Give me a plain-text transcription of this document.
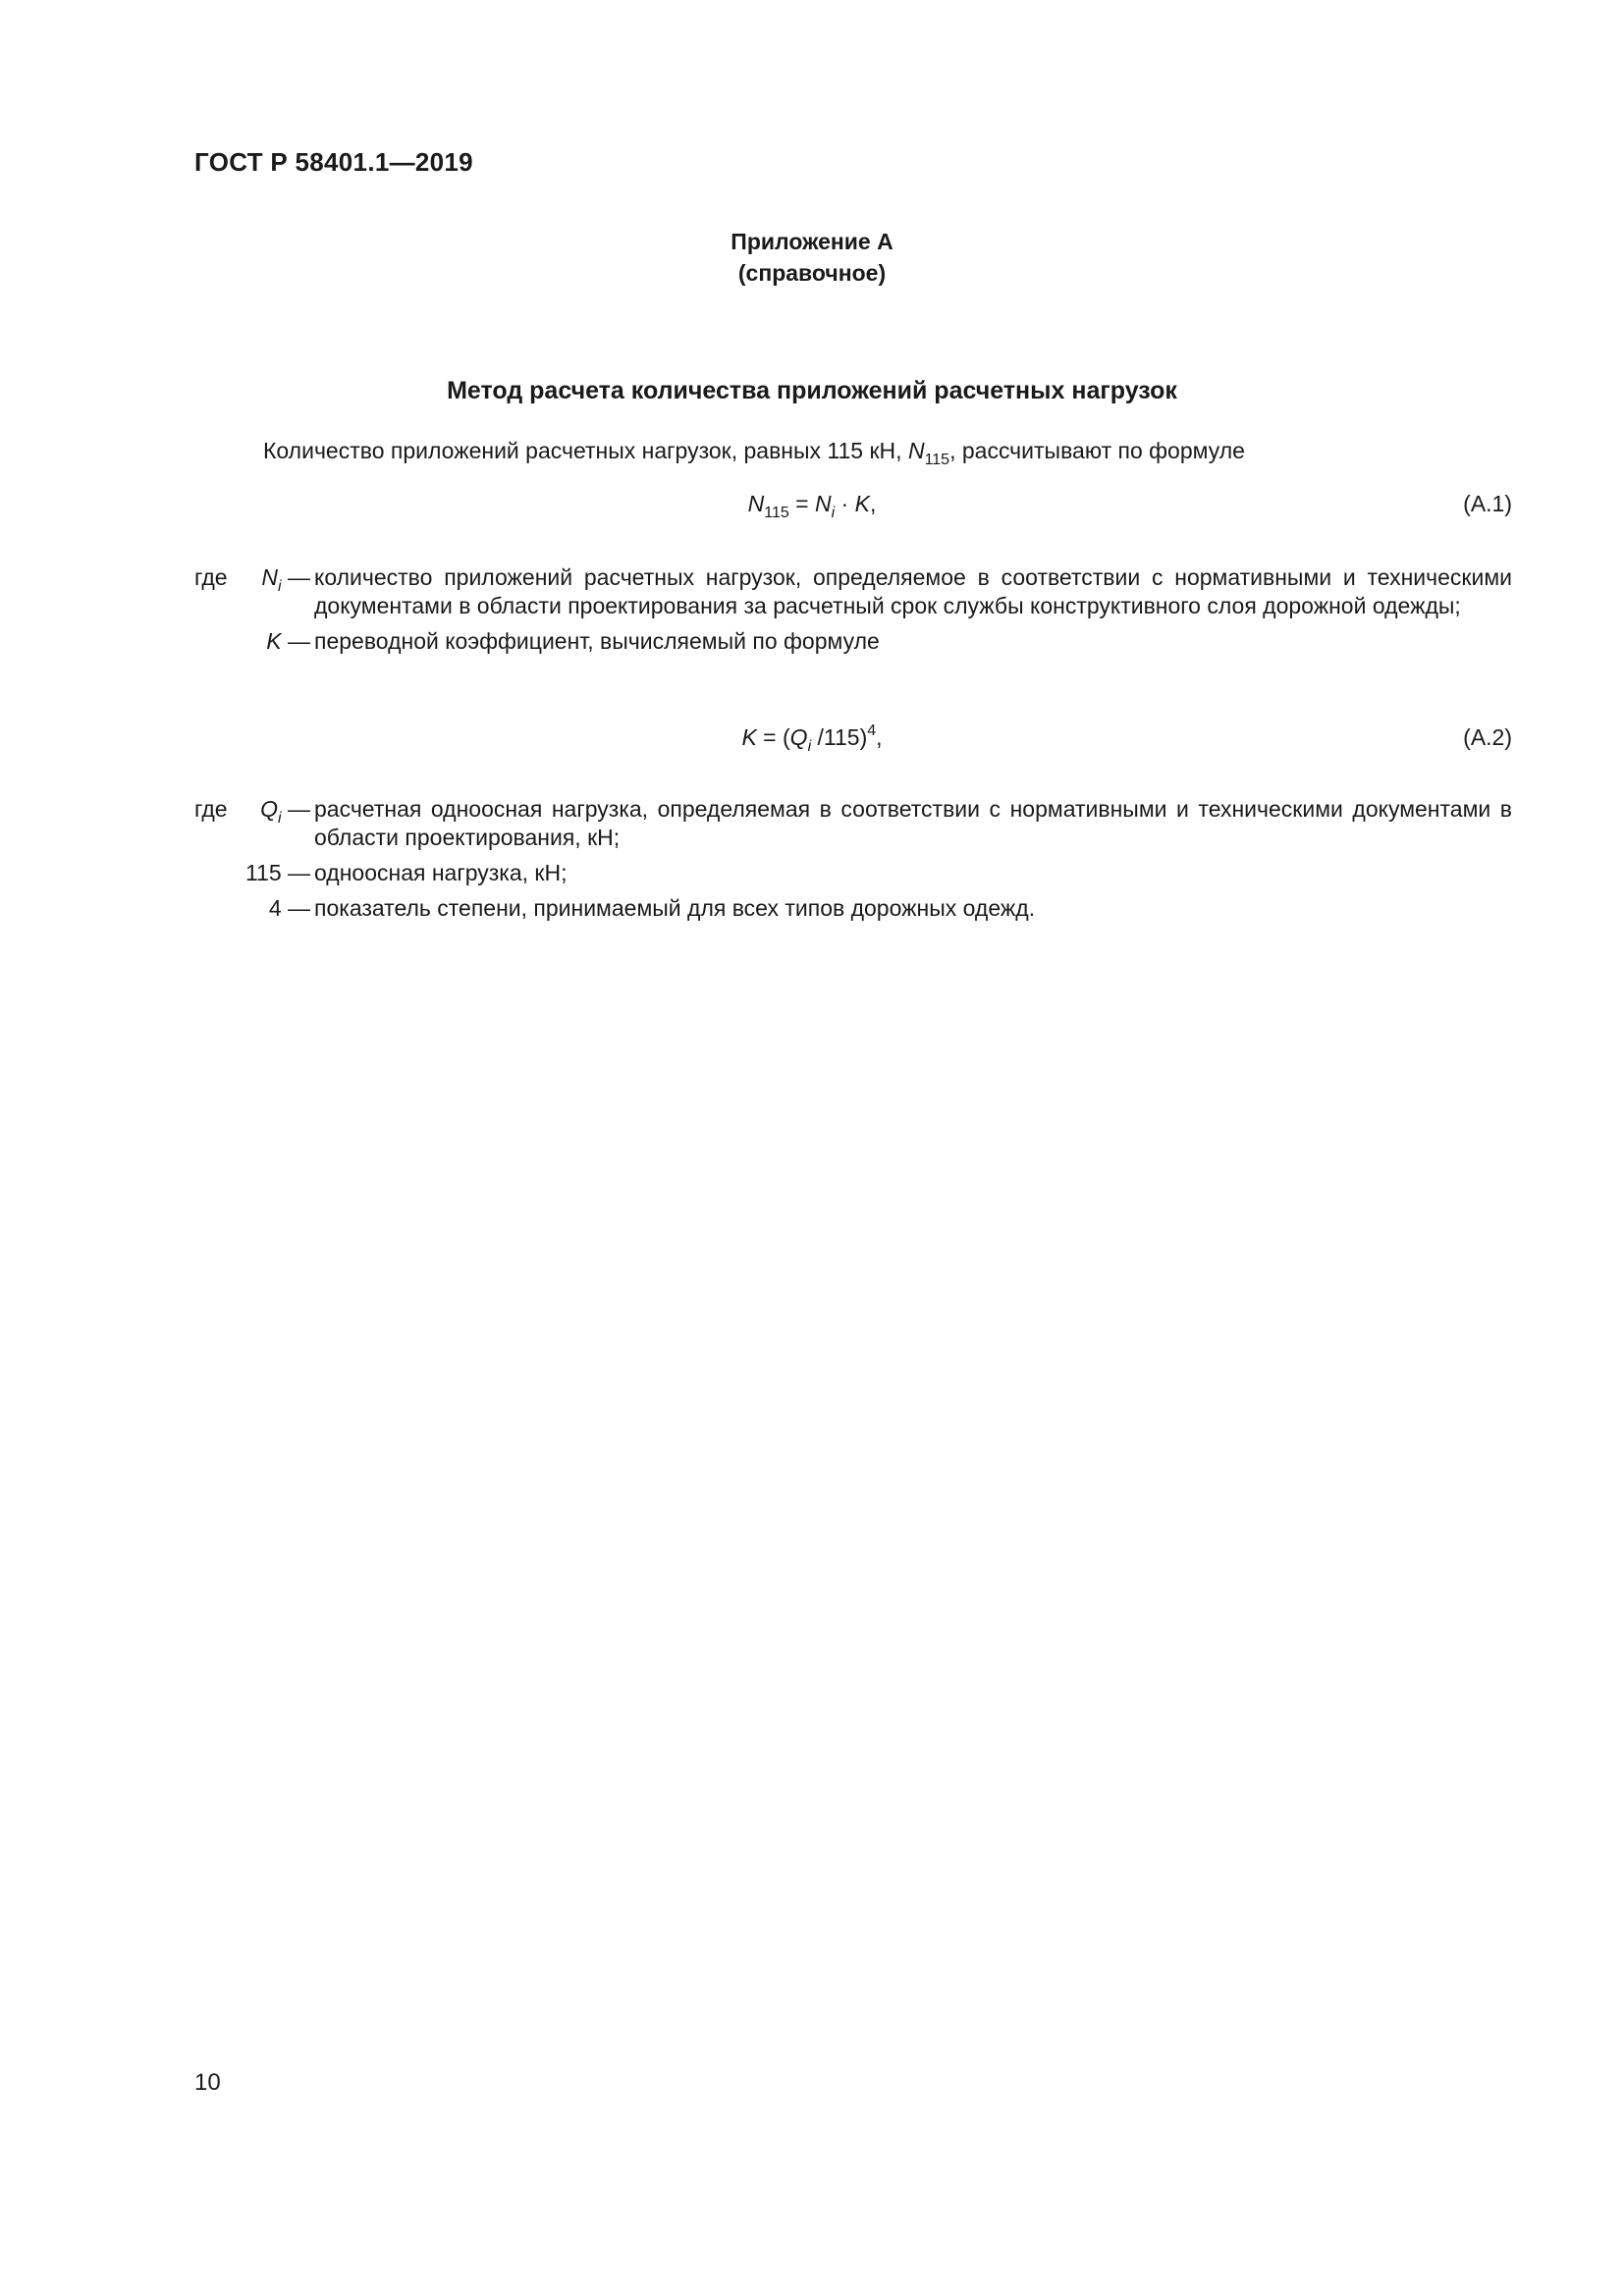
ГОСТ Р 58401.1—2019
Приложение А
(справочное)
Метод расчета количества приложений расчетных нагрузок
Количество приложений расчетных нагрузок, равных 115 кН, $N_{115}$, рассчитывают по формуле
$N_{115} = N_i \cdot K$,	(А.1)
где	$N_i$ — количество приложений расчетных нагрузок, определяемое в соответствии с нормативными и техническими документами в области проектирования за расчетный срок службы конструктивного слоя дорожной одежды;
K — переводной коэффициент, вычисляемый по формуле
$K = (Q_i$ /115)$^4$,	(А.2)
где	$Q_i$ — расчетная одноосная нагрузка, определяемая в соответствии с нормативными и техническими документами в области проектирования, кН;
115 — одноосная нагрузка, кН;
4 — показатель степени, принимаемый для всех типов дорожных одежд.
10
